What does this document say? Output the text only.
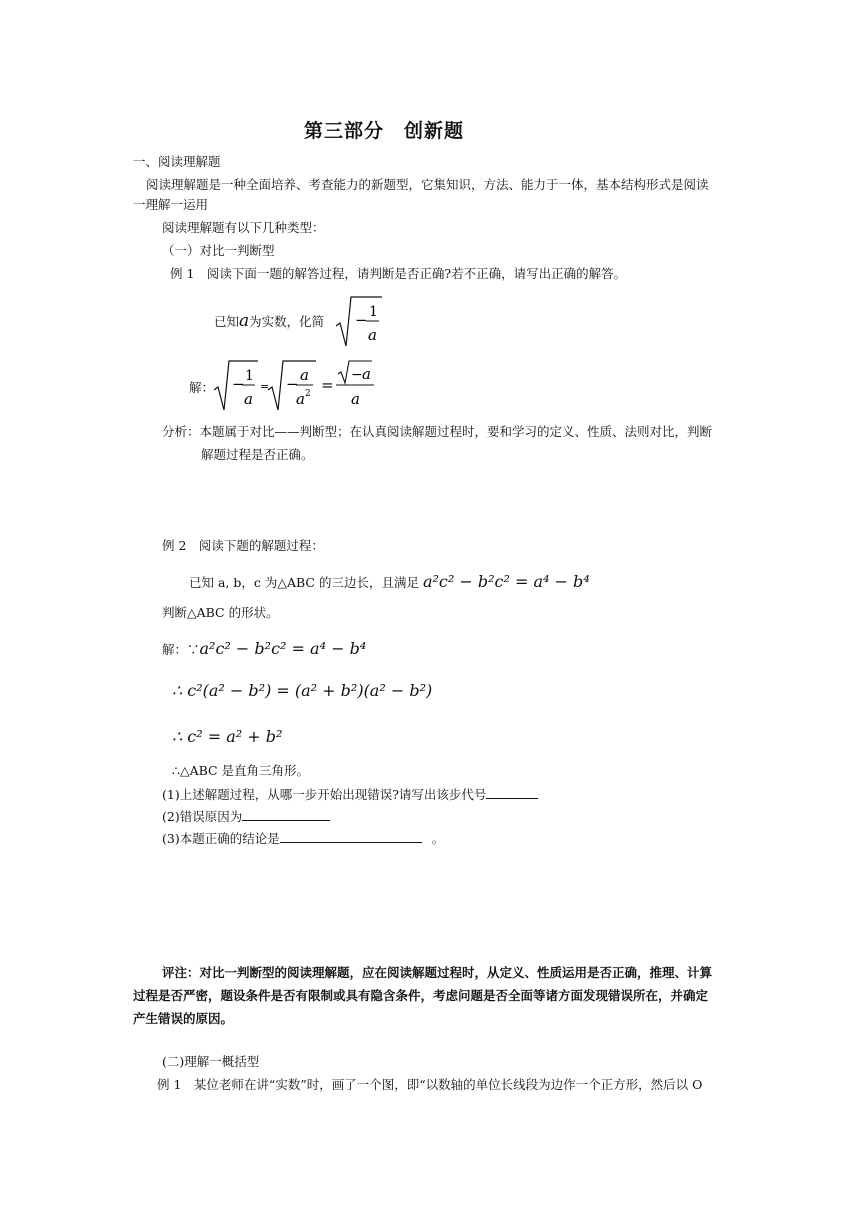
第三部分　创新题
一、阅读理解题
阅读理解题是一种全面培养、考查能力的新题型，它集知识，方法、能力于一体，基本结构形式是阅读
一理解一运用
阅读理解题有以下几种类型：
（一）对比一判断型
例 1　阅读下面一题的解答过程，请判断是否正确?若不正确，请写出正确的解答。
已知a为实数，化简 − 1
a
解： − 1
a
= − a
a 2 =
− a
a
分析：本题属于对比——判断型；在认真阅读解题过程时，要和学习的定义、性质、法则对比，判断
解题过程是否正确。
例 2　阅读下题的解题过程：
已知 a, b，c 为△ABC 的三边长，且满足 a²c² − b²c² = a⁴ − b⁴
判断△ABC 的形状。
解：∵a²c² − b²c² = a⁴ − b⁴
∴ c²(a² − b²) = (a² + b²)(a² − b²)
∴ c² = a² + b²
∴△ABC 是直角三角形。
(1)上述解题过程，从哪一步开始出现错误?请写出该步代号
(2)错误原因为
(3)本题正确的结论是	。
评注：对比一判断型的阅读理解题，应在阅读解题过程时，从定义、性质运用是否正确，推理、计算
过程是否严密，题设条件是否有限制或具有隐含条件，考虑问题是否全面等诸方面发现错误所在，并确定
产生错误的原因。
(二)理解一概括型
例 1　某位老师在讲“实数”时，画了一个图，即“以数轴的单位长线段为边作一个正方形，然后以 O
